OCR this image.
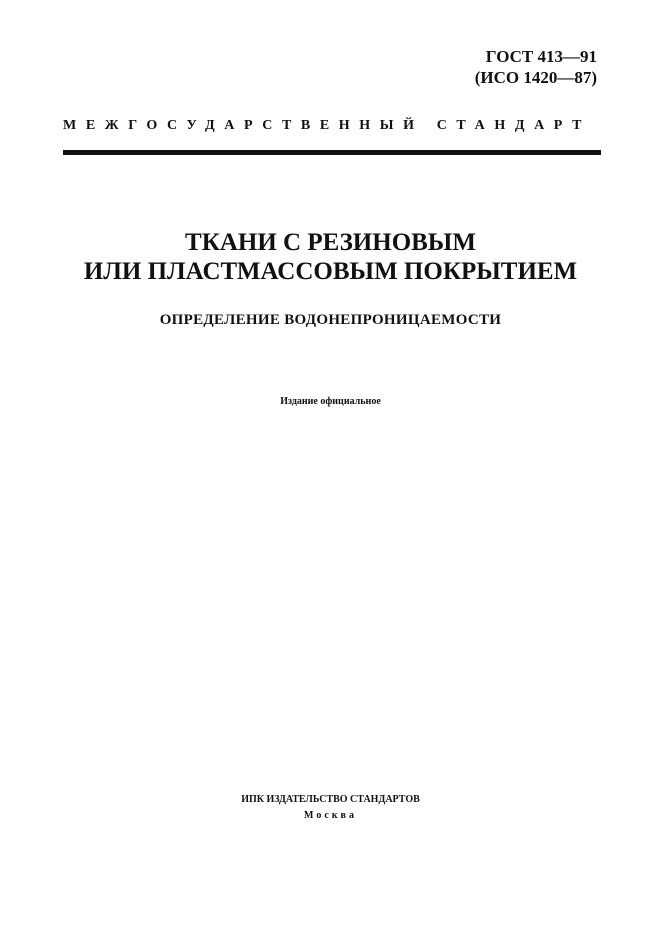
ГОСТ 413—91
(ИСО 1420—87)
МЕЖГОСУДАРСТВЕННЫЙ СТАНДАРТ
ТКАНИ С РЕЗИНОВЫМ
ИЛИ ПЛАСТМАССОВЫМ ПОКРЫТИЕМ
ОПРЕДЕЛЕНИЕ ВОДОНЕПРОНИЦАЕМОСТИ
Издание официальное
ИПК ИЗДАТЕЛЬСТВО СТАНДАРТОВ
Москва
